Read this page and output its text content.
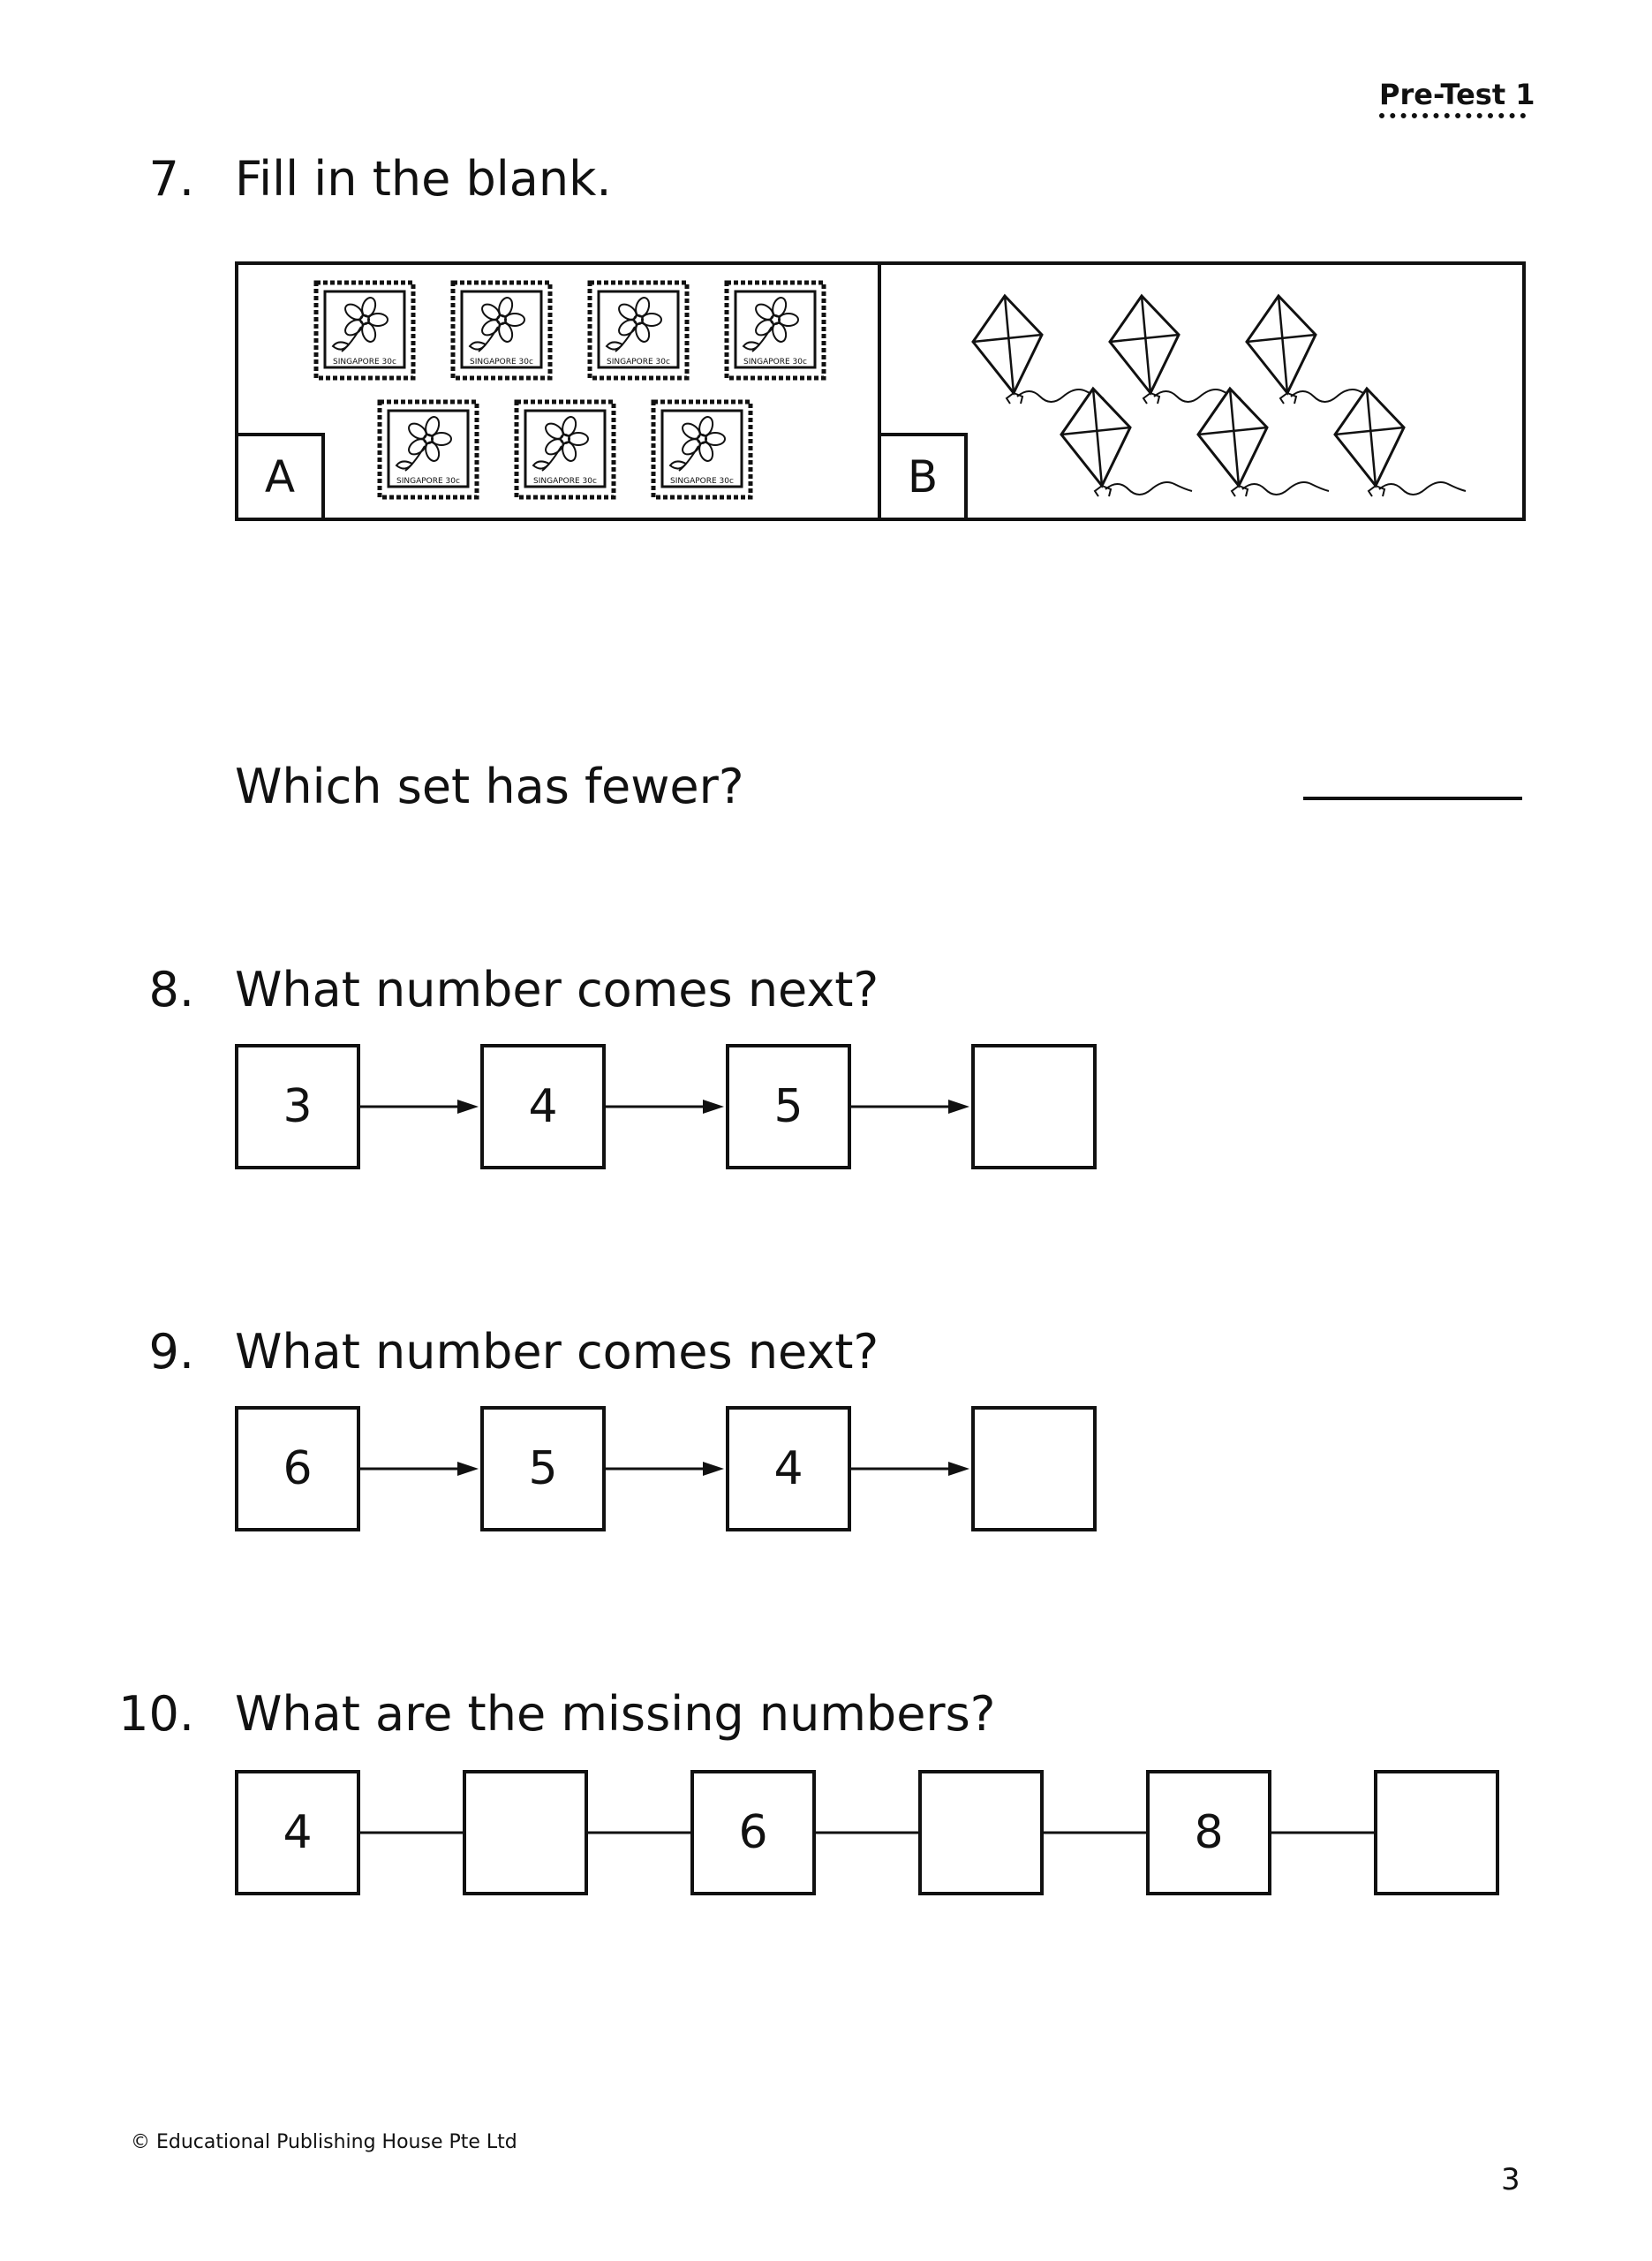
Pre-Test 1
7. Fill in the blank.
SINGAPORE 30c	SINGAPORE 30c	SINGAPORE 30c	SINGAPORE 30c
SINGAPORE 30c	SINGAPORE 30c	SINGAPORE 30c
A	B
Which set has fewer?
8. What number comes next?
3	4	5
9. What number comes next?
6	5	4
10. What are the missing numbers?
4	6	8
© Educational Publishing House Pte Ltd
3
